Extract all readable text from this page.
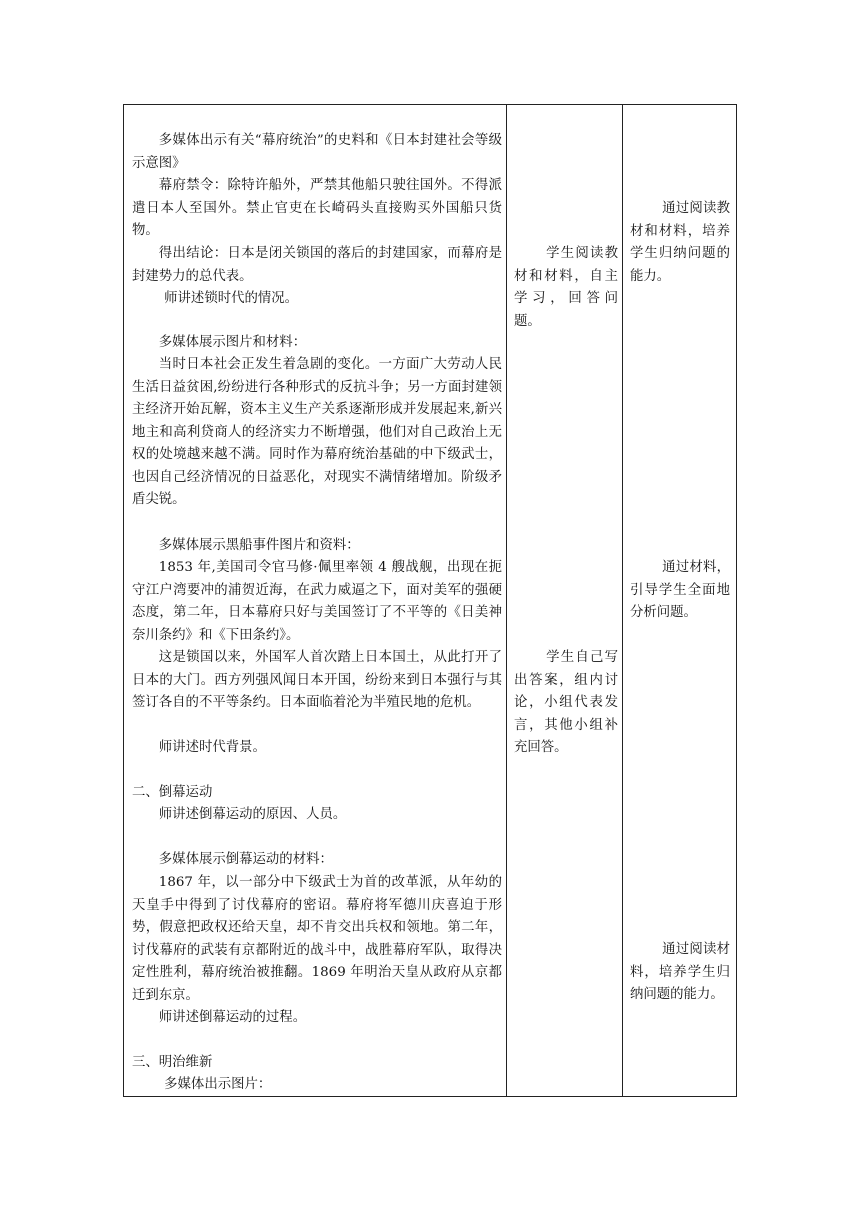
多媒体出示有关“幕府统治”的史料和《日本封建社会等级示意图》

幕府禁令：除特许船外，严禁其他船只驶往国外。不得派遣日本人至国外。禁止官吏在长崎码头直接购买外国船只货物。

得出结论：日本是闭关锁国的落后的封建国家，而幕府是封建势力的总代表。

师讲述锁时代的情况。

多媒体展示图片和材料：

当时日本社会正发生着急剧的变化。一方面广大劳动人民生活日益贫困,纷纷进行各种形式的反抗斗争；另一方面封建领主经济开始瓦解，资本主义生产关系逐渐形成并发展起来,新兴地主和高利贷商人的经济实力不断增强，他们对自己政治上无权的处境越来越不满。同时作为幕府统治基础的中下级武士，也因自己经济情况的日益恶化，对现实不满情绪增加。阶级矛盾尖锐。

多媒体展示黑船事件图片和资料：

1853 年,美国司令官马修·佩里率领 4 艘战舰，出现在扼守江户湾要冲的浦贺近海，在武力威逼之下，面对美军的强硬态度，第二年，日本幕府只好与美国签订了不平等的《日美神奈川条约》和《下田条约》。

这是锁国以来，外国军人首次踏上日本国土，从此打开了日本的大门。西方列强风闻日本开国，纷纷来到日本强行与其签订各自的不平等条约。日本面临着沦为半殖民地的危机。

师讲述时代背景。

二、倒幕运动

师讲述倒幕运动的原因、人员。

多媒体展示倒幕运动的材料：

1867 年，以一部分中下级武士为首的改革派，从年幼的天皇手中得到了讨伐幕府的密诏。幕府将军德川庆喜迫于形势，假意把政权还给天皇，却不肯交出兵权和领地。第二年，讨伐幕府的武装有京都附近的战斗中，战胜幕府军队，取得决定性胜利，幕府统治被推翻。1869 年明治天皇从政府从京都迁到东京。

师讲述倒幕运动的过程。

三、明治维新

多媒体出示图片：

学生阅读教材和材料，自主学习，回答问题。

学生自己写出答案，组内讨论，小组代表发言，其他小组补充回答。

通过阅读教材和材料，培养学生归纳问题的能力。

通过材料，引导学生全面地分析问题。

通过阅读材料，培养学生归纳问题的能力。
